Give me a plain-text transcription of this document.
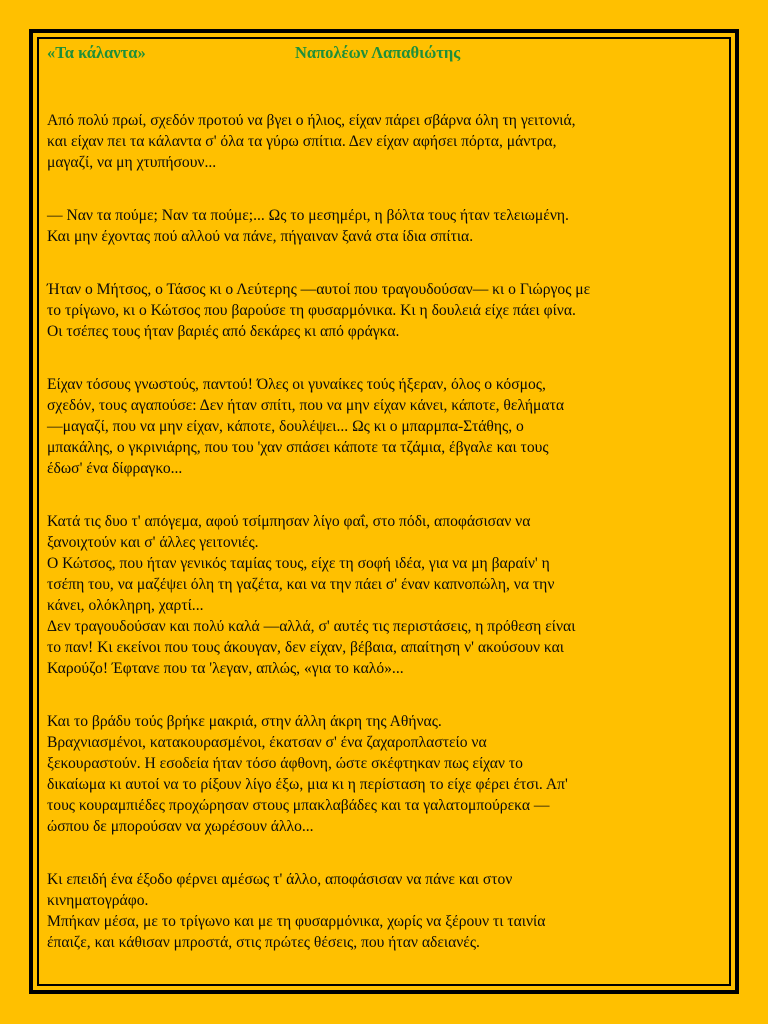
«Τα κάλαντα»	Ναπολέων Λαπαθιώτης

Από πολύ πρωί, σχεδόν προτού να βγει ο ήλιος, είχαν πάρει σβάρνα όλη τη γειτονιά,
και είχαν πει τα κάλαντα σ' όλα τα γύρω σπίτια. Δεν είχαν αφήσει πόρτα, μάντρα,
μαγαζί, να μη χτυπήσουν...

— Ναν τα πούμε; Ναν τα πούμε;... Ως το μεσημέρι, η βόλτα τους ήταν τελειωμένη.
Και μην έχοντας πού αλλού να πάνε, πήγαιναν ξανά στα ίδια σπίτια.

Ήταν ο Μήτσος, ο Τάσος κι ο Λεύτερης —αυτοί που τραγουδούσαν— κι ο Γιώργος με
το τρίγωνο, κι ο Κώτσος που βαρούσε τη φυσαρμόνικα. Κι η δουλειά είχε πάει φίνα.
Οι τσέπες τους ήταν βαριές από δεκάρες κι από φράγκα.

Είχαν τόσους γνωστούς, παντού! Όλες οι γυναίκες τούς ήξεραν, όλος ο κόσμος,
σχεδόν, τους αγαπούσε: Δεν ήταν σπίτι, που να μην είχαν κάνει, κάποτε, θελήματα
—μαγαζί, που να μην είχαν, κάποτε, δουλέψει... Ως κι ο μπαρμπα-Στάθης, ο
μπακάλης, ο γκρινιάρης, που του 'χαν σπάσει κάποτε τα τζάμια, έβγαλε και τους
έδωσ' ένα δίφραγκο...

Κατά τις δυο τ' απόγεμα, αφού τσίμπησαν λίγο φαΐ, στο πόδι, αποφάσισαν να
ξανοιχτούν και σ' άλλες γειτονιές.
Ο Κώτσος, που ήταν γενικός ταμίας τους, είχε τη σοφή ιδέα, για να μη βαραίν' η
τσέπη του, να μαζέψει όλη τη γαζέτα, και να την πάει σ' έναν καπνοπώλη, να την
κάνει, ολόκληρη, χαρτί...
Δεν τραγουδούσαν και πολύ καλά —αλλά, σ' αυτές τις περιστάσεις, η πρόθεση είναι
το παν! Κι εκείνοι που τους άκουγαν, δεν είχαν, βέβαια, απαίτηση ν' ακούσουν και
Καρούζο! Έφτανε που τα 'λεγαν, απλώς, «για το καλό»...

Και το βράδυ τούς βρήκε μακριά, στην άλλη άκρη της Αθήνας.
Βραχνιασμένοι, κατακουρασμένοι, έκατσαν σ' ένα ζαχαροπλαστείο να
ξεκουραστούν. Η εσοδεία ήταν τόσο άφθονη, ώστε σκέφτηκαν πως είχαν το
δικαίωμα κι αυτοί να το ρίξουν λίγο έξω, μια κι η περίσταση το είχε φέρει έτσι. Απ'
τους κουραμπιέδες προχώρησαν στους μπακλαβάδες και τα γαλατομπούρεκα —
ώσπου δε μπορούσαν να χωρέσουν άλλο...

Κι επειδή ένα έξοδο φέρνει αμέσως τ' άλλο, αποφάσισαν να πάνε και στον
κινηματογράφο.
Μπήκαν μέσα, με το τρίγωνο και με τη φυσαρμόνικα, χωρίς να ξέρουν τι ταινία
έπαιζε, και κάθισαν μπροστά, στις πρώτες θέσεις, που ήταν αδειανές.
